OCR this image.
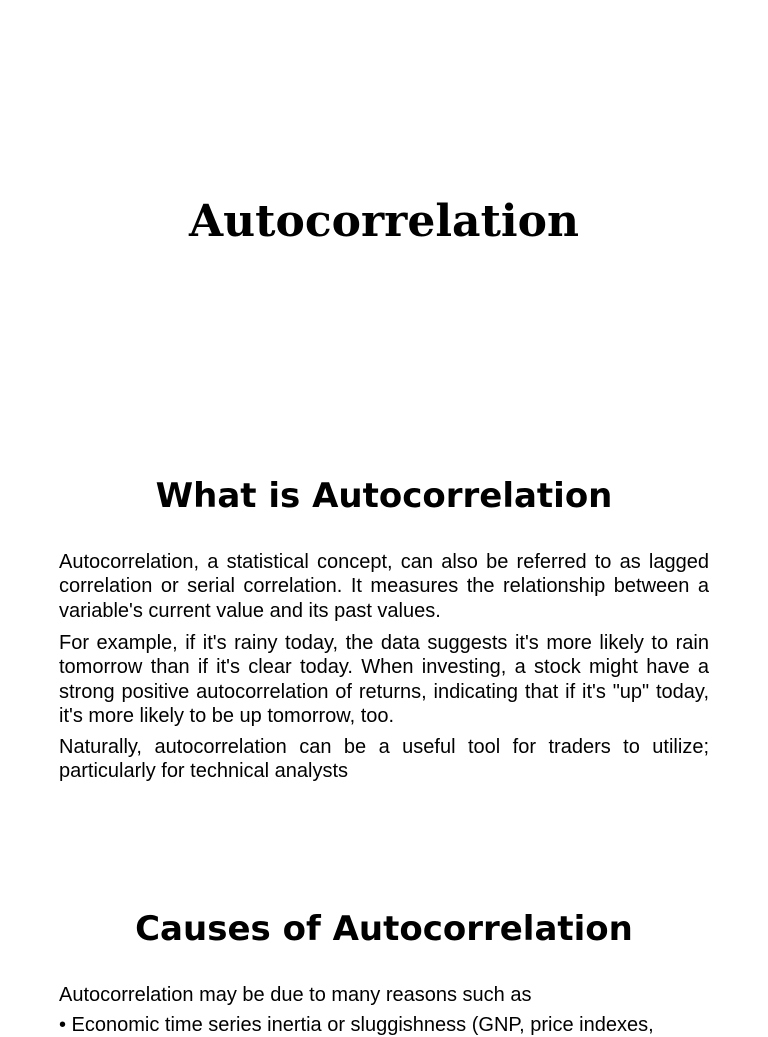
Autocorrelation
What is Autocorrelation

Autocorrelation, a statistical concept, can also be referred to as lagged correlation or serial correlation. It measures the relationship between a variable's current value and its past values.

For example, if it's rainy today, the data suggests it's more likely to rain tomorrow than if it's clear today. When investing, a stock might have a strong positive autocorrelation of returns, indicating that if it's "up" today, it's more likely to be up tomorrow, too.

Naturally, autocorrelation can be a useful tool for traders to utilize; particularly for technical analysts

Causes of Autocorrelation

Autocorrelation may be due to many reasons such as

• Economic time series inertia or sluggishness (GNP, price indexes,
